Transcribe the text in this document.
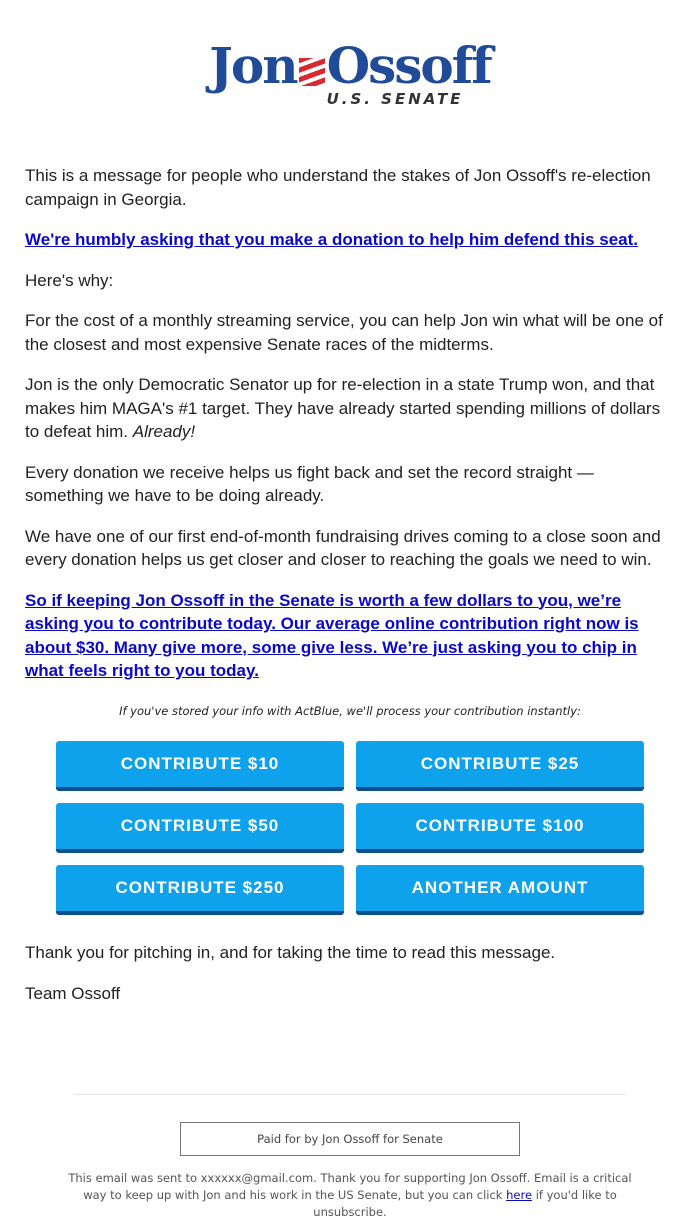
Jon Ossoff
U.S. SENATE

This is a message for people who understand the stakes of Jon Ossoff's re-election campaign in Georgia.

We're humbly asking that you make a donation to help him defend this seat.

Here's why:

For the cost of a monthly streaming service, you can help Jon win what will be one of the closest and most expensive Senate races of the midterms.

Jon is the only Democratic Senator up for re-election in a state Trump won, and that makes him MAGA's #1 target. They have already started spending millions of dollars to defeat him. Already!

Every donation we receive helps us fight back and set the record straight — something we have to be doing already.

We have one of our first end-of-month fundraising drives coming to a close soon and every donation helps us get closer and closer to reaching the goals we need to win.

So if keeping Jon Ossoff in the Senate is worth a few dollars to you, we’re asking you to contribute today. Our average online contribution right now is about $30. Many give more, some give less. We’re just asking you to chip in what feels right to you today.

If you've stored your info with ActBlue, we'll process your contribution instantly:
CONTRIBUTE $10	CONTRIBUTE $25
CONTRIBUTE $50	CONTRIBUTE $100
CONTRIBUTE $250	ANOTHER AMOUNT

Thank you for pitching in, and for taking the time to read this message.

Team Ossoff

Paid for by Jon Ossoff for Senate
This email was sent to xxxxxx@gmail.com. Thank you for supporting Jon Ossoff. Email is a critical way to keep up with Jon and his work in the US Senate, but you can click here if you'd like to unsubscribe.
